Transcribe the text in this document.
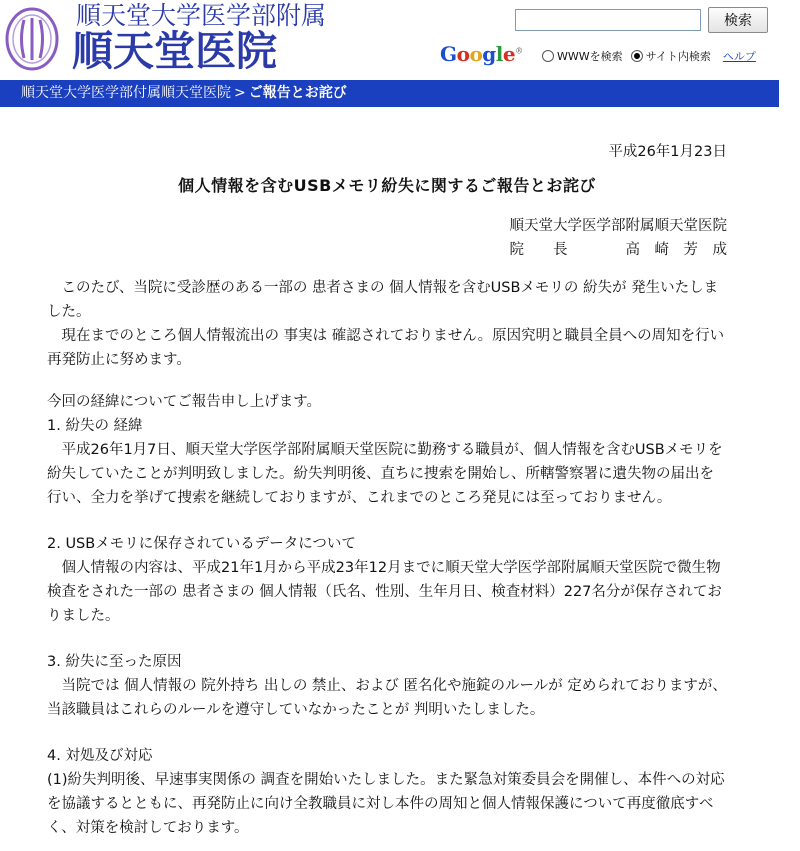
順天堂大学医学部附属
順天堂医院
検索
Google®	WWWを検索 サイト内検索 ヘルプ
順天堂大学医学部付属順天堂医院 > ご報告とお詫び

平成26年1月23日

個人情報を含むUSBメモリ紛失に関するご報告とお詫び

順天堂大学医学部附属順天堂医院

院　　長　　　　高　崎　芳　成

このたび、当院に受診歴のある一部の 患者さまの 個人情報を含むUSBメモリの 紛失が 発生いたしました。

現在までのところ個人情報流出の 事実は 確認されておりません。原因究明と職員全員への周知を行い 再発防止に努めます。

今回の経緯についてご報告申し上げます。

1. 紛失の 経緯

平成26年1月7日、順天堂大学医学部附属順天堂医院に勤務する職員が、個人情報を含むUSBメモリを紛失していたことが判明致しました。紛失判明後、直ちに捜索を開始し、所轄警察署に遺失物の届出を行い、全力を挙げて捜索を継続しておりますが、これまでのところ発見には至っておりません。

2. USBメモリに保存されているデータについて

個人情報の内容は、平成21年1月から平成23年12月までに順天堂大学医学部附属順天堂医院で微生物検査をされた一部の 患者さまの 個人情報（氏名、性別、生年月日、検査材料）227名分が保存されておりました。

3. 紛失に至った原因

当院では 個人情報の 院外持ち 出しの 禁止、および 匿名化や施錠のルールが 定められておりますが、当該職員はこれらのルールを遵守していなかったことが 判明いたしました。

4. 対処及び対応

(1)紛失判明後、早速事実関係の 調査を開始いたしました。また緊急対策委員会を開催し、本件への対応を協議するとともに、再発防止に向け全教職員に対し本件の周知と個人情報保護について再度徹底すべく、対策を検討しております。
